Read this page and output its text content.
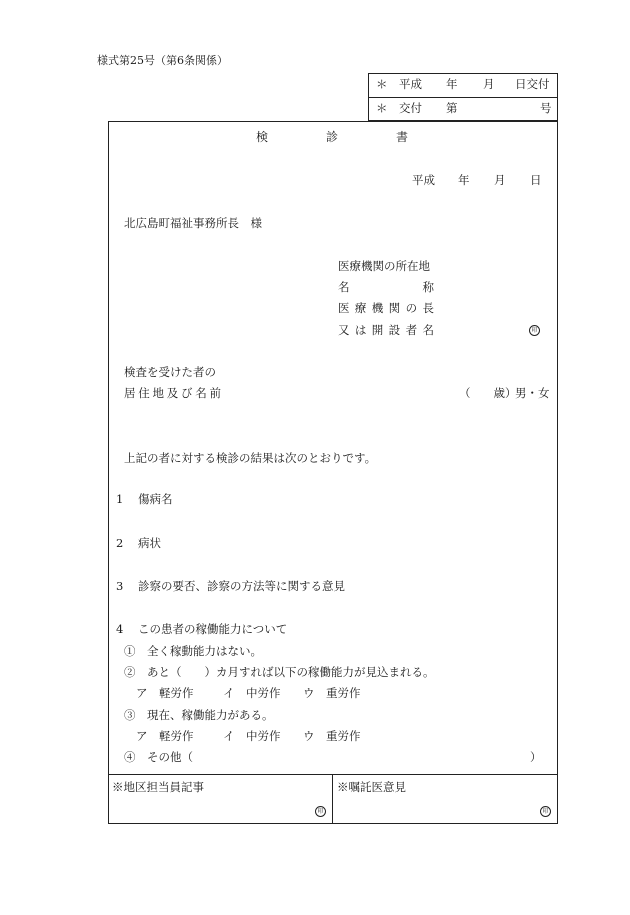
様式第25号（第6条関係）
＊ 平成 年 月 日交付
＊ 交付 第	号
検	診	書
平成 年 月 日
北広島町福祉事務所長　様
医療機関の所在地
名	称
医 療 機 関 の 長
又 は 開 設 者 名	印
検査を受けた者の
居 住 地 及 び 名 前	（　　歳）
男・女
上記の者に対する検診の結果は次のとおりです。
1 傷病名
2 病状
3 診察の要否、診察の方法等に関する意見
4 この患者の稼働能力について
①　全く稼動能力はない。
②　あと（　　）カ月すれば以下の稼働能力が見込まれる。
ア　軽労作	イ　中労作 ウ　重労作
③　現在、稼働能力がある。
ア　軽労作	イ　中労作 ウ　重労作
④　その他（	）
※地区担当員記事
印
※嘱託医意見
印
